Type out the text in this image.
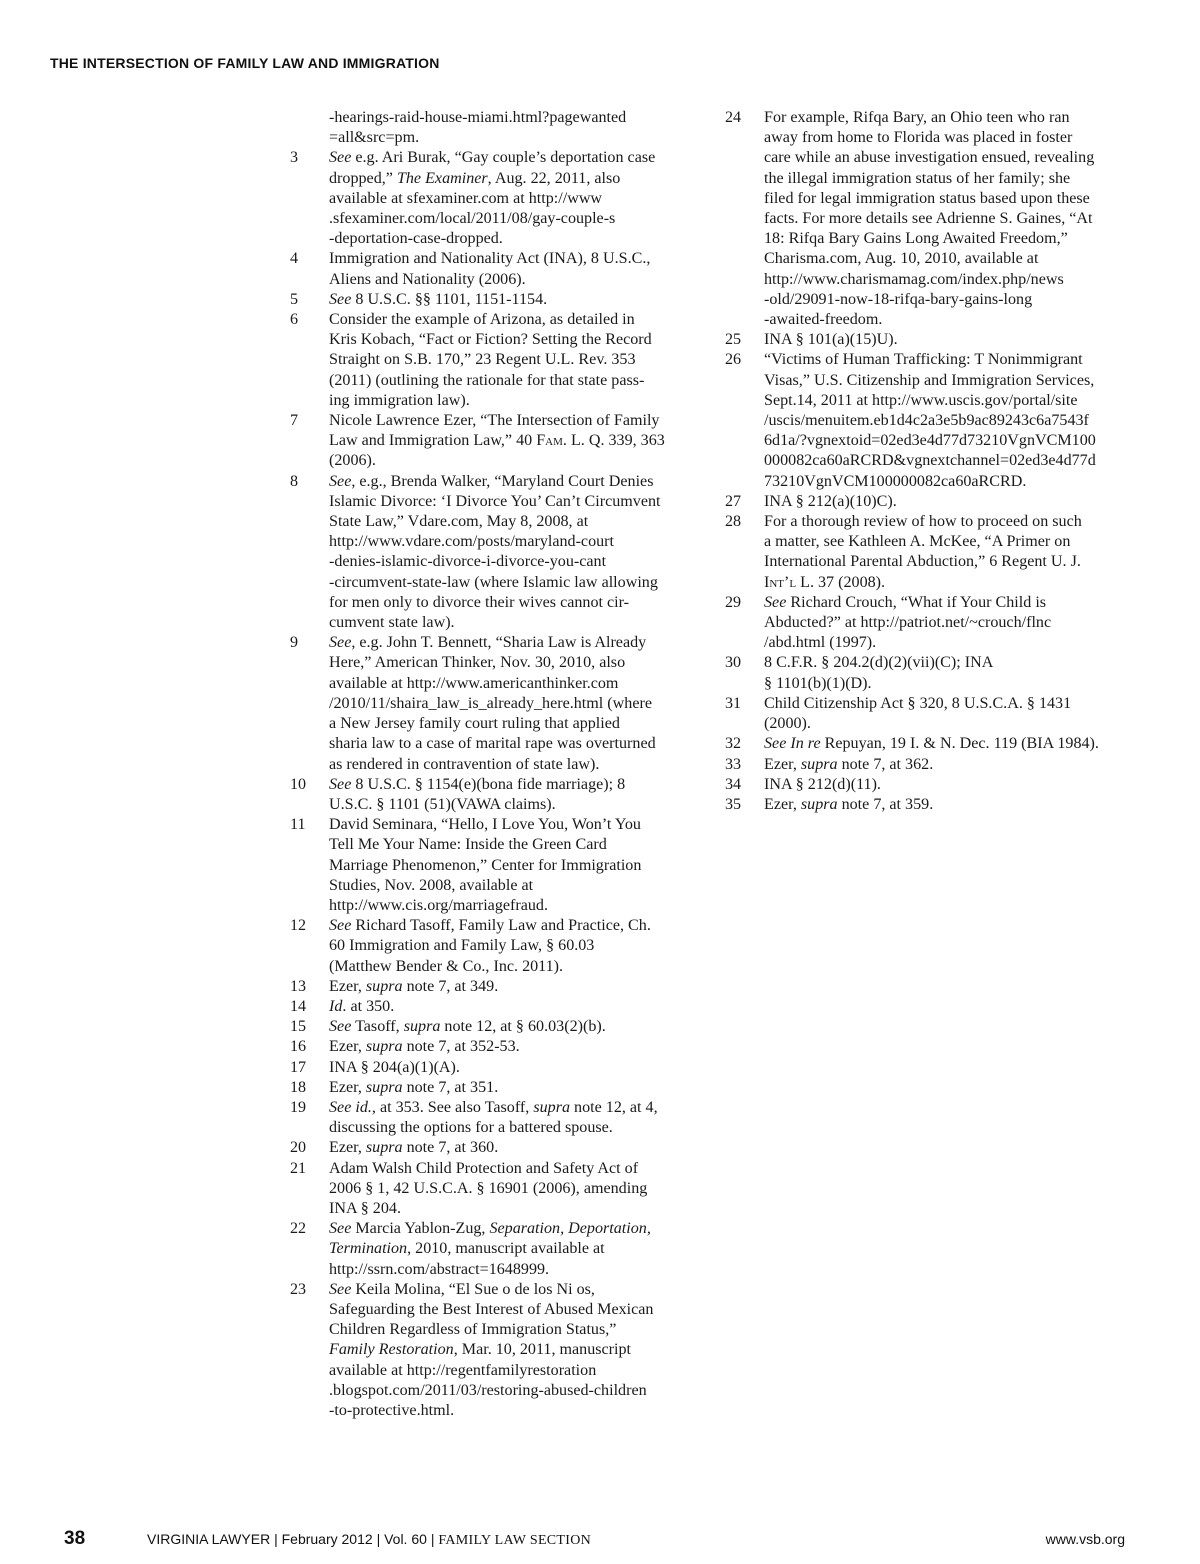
THE INTERSECTION OF FAMILY LAW AND IMMIGRATION
-hearings-raid-house-miami.html?pagewanted
=all&src=pm.
3	See e.g. Ari Burak, “Gay couple’s deportation case
dropped,” The Examiner, Aug. 22, 2011, also
available at sfexaminer.com at http://www
.sfexaminer.com/local/2011/08/gay-couple-s
-deportation-case-dropped.
4	Immigration and Nationality Act (INA), 8 U.S.C.,
Aliens and Nationality (2006).
5	See 8 U.S.C. §§ 1101, 1151-1154.
6	Consider the example of Arizona, as detailed in
Kris Kobach, “Fact or Fiction? Setting the Record
Straight on S.B. 170,” 23 Regent U.L. Rev. 353
(2011) (outlining the rationale for that state pass-
ing immigration law).
7	Nicole Lawrence Ezer, “The Intersection of Family
Law and Immigration Law,” 40 Fam. L. Q. 339, 363
(2006).
8	See, e.g., Brenda Walker, “Maryland Court Denies
Islamic Divorce: ‘I Divorce You’ Can’t Circumvent
State Law,” Vdare.com, May 8, 2008, at
http://www.vdare.com/posts/maryland-court
-denies-islamic-divorce-i-divorce-you-cant
-circumvent-state-law (where Islamic law allowing
for men only to divorce their wives cannot cir-
cumvent state law).
9	See, e.g. John T. Bennett, “Sharia Law is Already
Here,” American Thinker, Nov. 30, 2010, also
available at http://www.americanthinker.com
/2010/11/shaira_law_is_already_here.html (where
a New Jersey family court ruling that applied
sharia law to a case of marital rape was overturned
as rendered in contravention of state law).
10	See 8 U.S.C. § 1154(e)(bona fide marriage); 8
U.S.C. § 1101 (51)(VAWA claims).
11	David Seminara, “Hello, I Love You, Won’t You
Tell Me Your Name: Inside the Green Card
Marriage Phenomenon,” Center for Immigration
Studies, Nov. 2008, available at
http://www.cis.org/marriagefraud.
12	See Richard Tasoff, Family Law and Practice, Ch.
60 Immigration and Family Law, § 60.03
(Matthew Bender & Co., Inc. 2011).
13	Ezer, supra note 7, at 349.
14	Id. at 350.
15	See Tasoff, supra note 12, at § 60.03(2)(b).
16	Ezer, supra note 7, at 352-53.
17	INA § 204(a)(1)(A).
18	Ezer, supra note 7, at 351.
19	See id., at 353. See also Tasoff, supra note 12, at 4,
discussing the options for a battered spouse.
20	Ezer, supra note 7, at 360.
21	Adam Walsh Child Protection and Safety Act of
2006 § 1, 42 U.S.C.A. § 16901 (2006), amending
INA § 204.
22	See Marcia Yablon-Zug, Separation, Deportation,
Termination, 2010, manuscript available at
http://ssrn.com/abstract=1648999.
23	See Keila Molina, “El Sue o de los Ni os,
Safeguarding the Best Interest of Abused Mexican
Children Regardless of Immigration Status,”
Family Restoration, Mar. 10, 2011, manuscript
available at http://regentfamilyrestoration
.blogspot.com/2011/03/restoring-abused-children
-to-protective.html.
24	For example, Rifqa Bary, an Ohio teen who ran
away from home to Florida was placed in foster
care while an abuse investigation ensued, revealing
the illegal immigration status of her family; she
filed for legal immigration status based upon these
facts. For more details see Adrienne S. Gaines, “At
18: Rifqa Bary Gains Long Awaited Freedom,”
Charisma.com, Aug. 10, 2010, available at
http://www.charismamag.com/index.php/news
-old/29091-now-18-rifqa-bary-gains-long
-awaited-freedom.
25	INA § 101(a)(15)U).
26	“Victims of Human Trafficking: T Nonimmigrant
Visas,” U.S. Citizenship and Immigration Services,
Sept.14, 2011 at http://www.uscis.gov/portal/site
/uscis/menuitem.eb1d4c2a3e5b9ac89243c6a7543f
6d1a/?vgnextoid=02ed3e4d77d73210VgnVCM100
000082ca60aRCRD&vgnextchannel=02ed3e4d77d
73210VgnVCM100000082ca60aRCRD.
27	INA § 212(a)(10)C).
28	For a thorough review of how to proceed on such
a matter, see Kathleen A. McKee, “A Primer on
International Parental Abduction,” 6 Regent U. J.
Int’l L. 37 (2008).
29	See Richard Crouch, “What if Your Child is
Abducted?” at http://patriot.net/~crouch/flnc
/abd.html (1997).
30	8 C.F.R. § 204.2(d)(2)(vii)(C); INA
§ 1101(b)(1)(D).
31	Child Citizenship Act § 320, 8 U.S.C.A. § 1431
(2000).
32	See In re Repuyan, 19 I. & N. Dec. 119 (BIA 1984).
33	Ezer, supra note 7, at 362.
34	INA § 212(d)(11).
35	Ezer, supra note 7, at 359.
38	VIRGINIA LAWYER | February 2012 | Vol. 60 | FAMILY LAW SECTION	www.vsb.org
